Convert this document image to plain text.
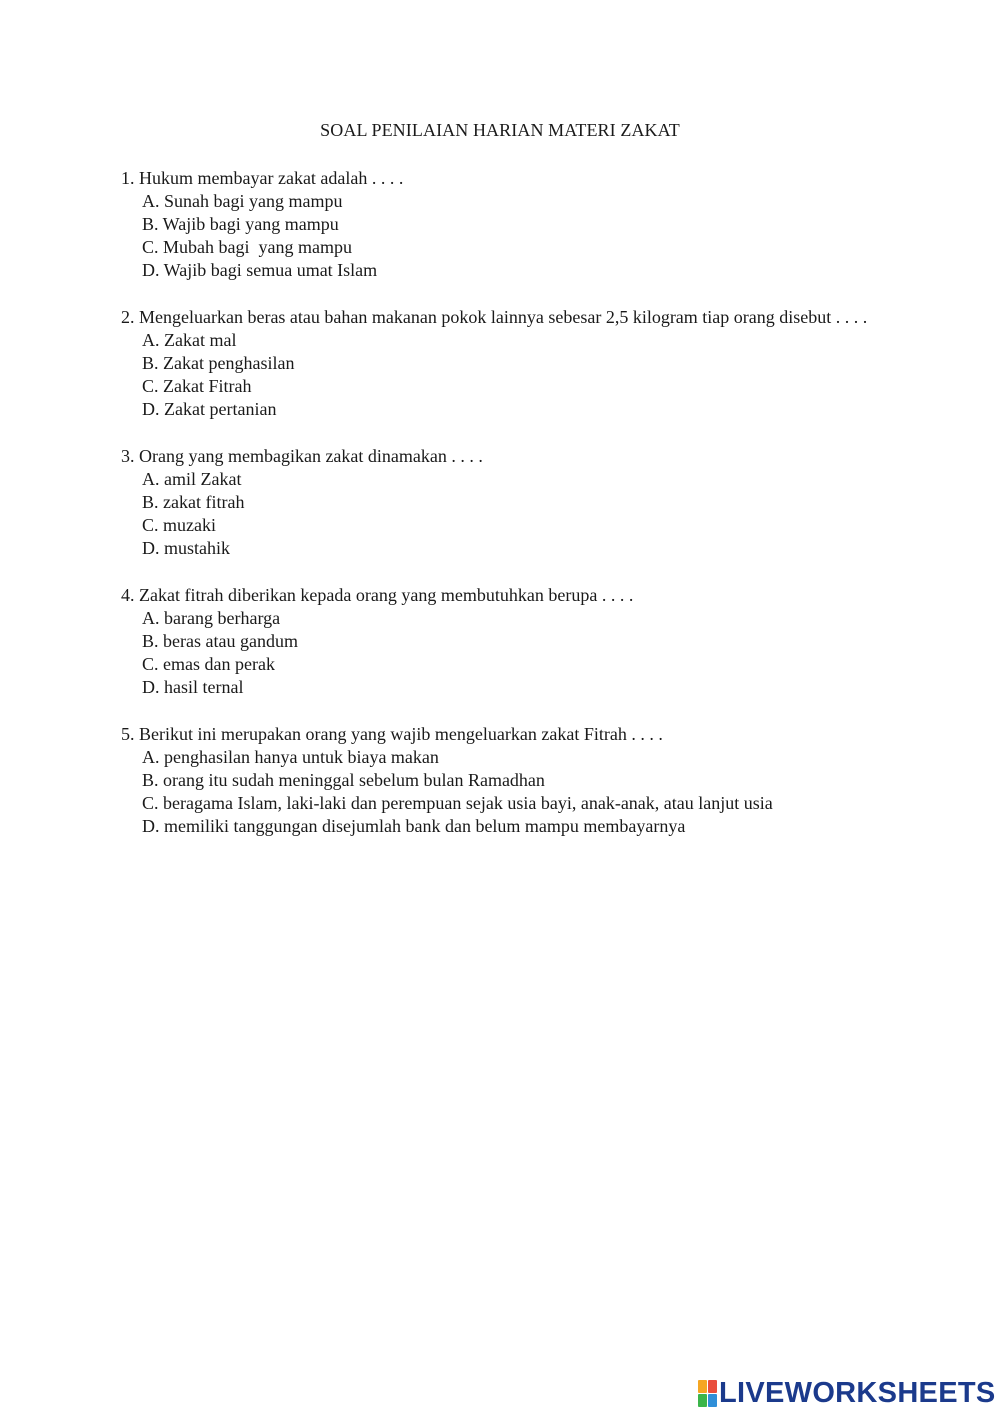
SOAL PENILAIAN HARIAN MATERI ZAKAT
1. Hukum membayar zakat adalah . . . .
A. Sunah bagi yang mampu
B. Wajib bagi yang mampu
C. Mubah bagi  yang mampu
D. Wajib bagi semua umat Islam
2. Mengeluarkan beras atau bahan makanan pokok lainnya sebesar 2,5 kilogram tiap orang disebut . . . .
A. Zakat mal
B. Zakat penghasilan
C. Zakat Fitrah
D. Zakat pertanian
3. Orang yang membagikan zakat dinamakan . . . .
A. amil Zakat
B. zakat fitrah
C. muzaki
D. mustahik
4. Zakat fitrah diberikan kepada orang yang membutuhkan berupa . . . .
A. barang berharga
B. beras atau gandum
C. emas dan perak
D. hasil ternal
5. Berikut ini merupakan orang yang wajib mengeluarkan zakat Fitrah . . . .
A. penghasilan hanya untuk biaya makan
B. orang itu sudah meninggal sebelum bulan Ramadhan
C. beragama Islam, laki-laki dan perempuan sejak usia bayi, anak-anak, atau lanjut usia
D. memiliki tanggungan disejumlah bank dan belum mampu membayarnya
LIVEWORKSHEETS
